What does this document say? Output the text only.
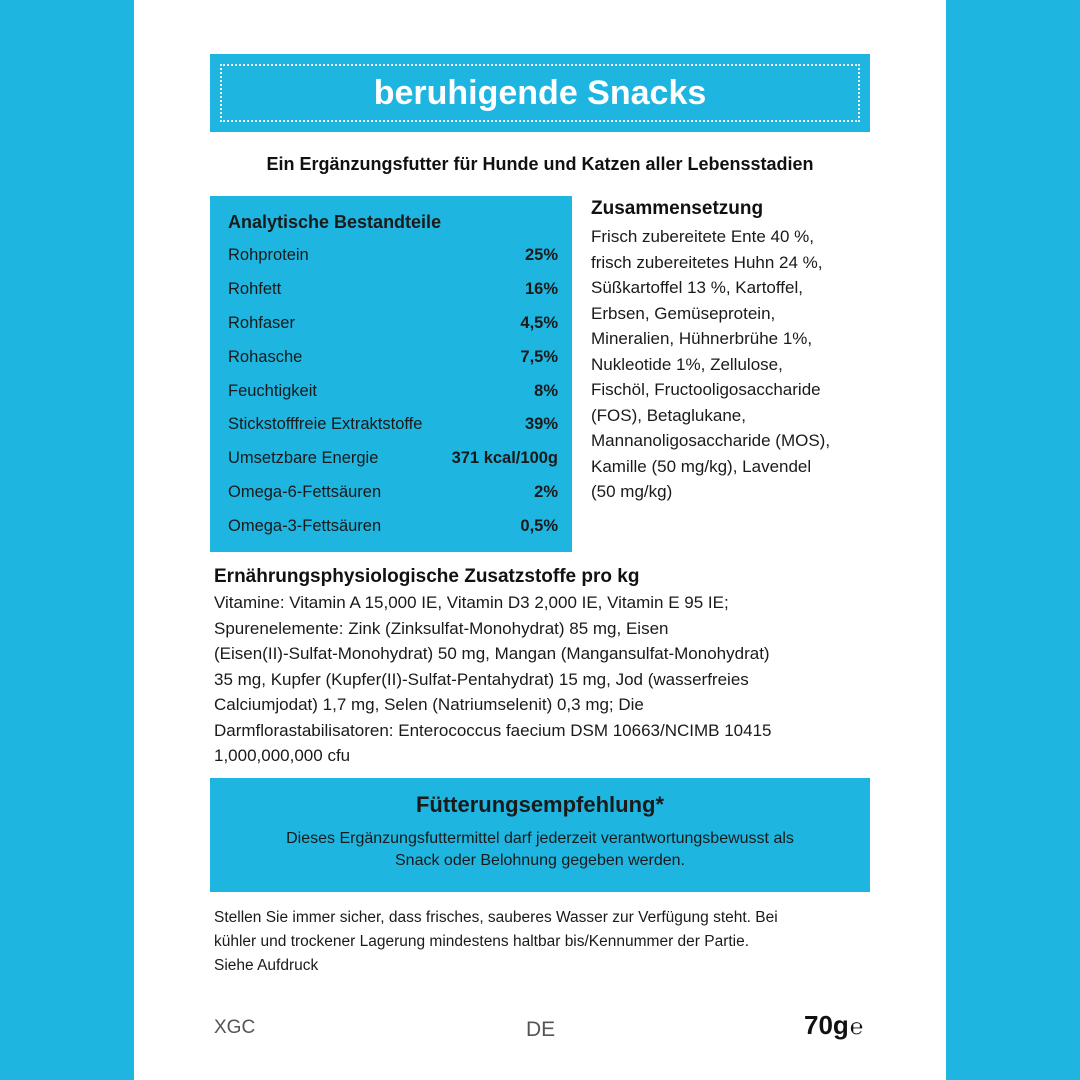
beruhigende Snacks
Ein Ergänzungsfutter für Hunde und Katzen aller Lebensstadien
Analytische Bestandteile
Rohprotein	25%
Rohfett	16%
Rohfaser	4,5%
Rohasche	7,5%
Feuchtigkeit	8%
Stickstofffreie Extraktstoffe	39%
Umsetzbare Energie	371 kcal/100g
Omega-6-Fettsäuren	2%
Omega-3-Fettsäuren	0,5%
Zusammensetzung

Frisch zubereitete Ente 40 %,
frisch zubereitetes Huhn 24 %,
Süßkartoffel 13 %, Kartoffel,
Erbsen, Gemüseprotein,
Mineralien, Hühnerbrühe 1%,
Nukleotide 1%, Zellulose,
Fischöl, Fructooligosaccharide
(FOS), Betaglukane,
Mannanoligosaccharide (MOS),
Kamille (50 mg/kg), Lavendel
(50 mg/kg)

Ernährungsphysiologische Zusatzstoffe pro kg

Vitamine: Vitamin A 15,000 IE, Vitamin D3 2,000 IE, Vitamin E 95 IE;
Spurenelemente: Zink (Zinksulfat-Monohydrat) 85 mg, Eisen
(Eisen(II)-Sulfat-Monohydrat) 50 mg, Mangan (Mangansulfat-Monohydrat)
35 mg, Kupfer (Kupfer(II)-Sulfat-Pentahydrat) 15 mg, Jod (wasserfreies
Calciumjodat) 1,7 mg, Selen (Natriumselenit) 0,3 mg; Die
Darmflorastabilisatoren: Enterococcus faecium DSM 10663/NCIMB 10415
1,000,000,000 cfu

Fütterungsempfehlung*

Dieses Ergänzungsfuttermittel darf jederzeit verantwortungsbewusst als
Snack oder Belohnung gegeben werden.

Stellen Sie immer sicher, dass frisches, sauberes Wasser zur Verfügung steht. Bei
kühler und trockener Lagerung mindestens haltbar bis/Kennummer der Partie.
Siehe Aufdruck
XGC	DE	70g℮
